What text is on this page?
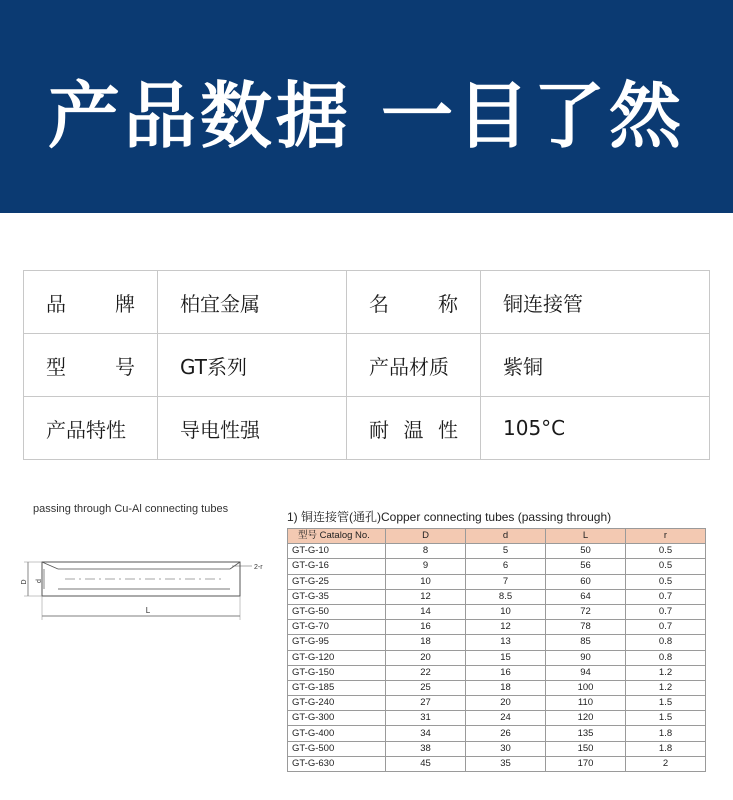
产品数据 一目了然
品 牌	柏宜金属	名 称	铜连接管

型 号	GT系列	产品材质	紫铜

产品特性	导电性强	耐 温 性	105°C
passing through Cu-Al connecting tubes
D d
2-r
L
1) 铜连接管(通孔)Copper connecting tubes (passing through)
型号 Catalog No.	D	d	L	r
GT-G-10	8	5	50	0.5
GT-G-16	9	6	56	0.5
GT-G-25	10	7	60	0.5
GT-G-35	12	8.5	64	0.7
GT-G-50	14	10	72	0.7
GT-G-70	16	12	78	0.7
GT-G-95	18	13	85	0.8
GT-G-120	20	15	90	0.8
GT-G-150	22	16	94	1.2
GT-G-185	25	18	100	1.2
GT-G-240	27	20	110	1.5
GT-G-300	31	24	120	1.5
GT-G-400	34	26	135	1.8
GT-G-500	38	30	150	1.8
GT-G-630	45	35	170	2
